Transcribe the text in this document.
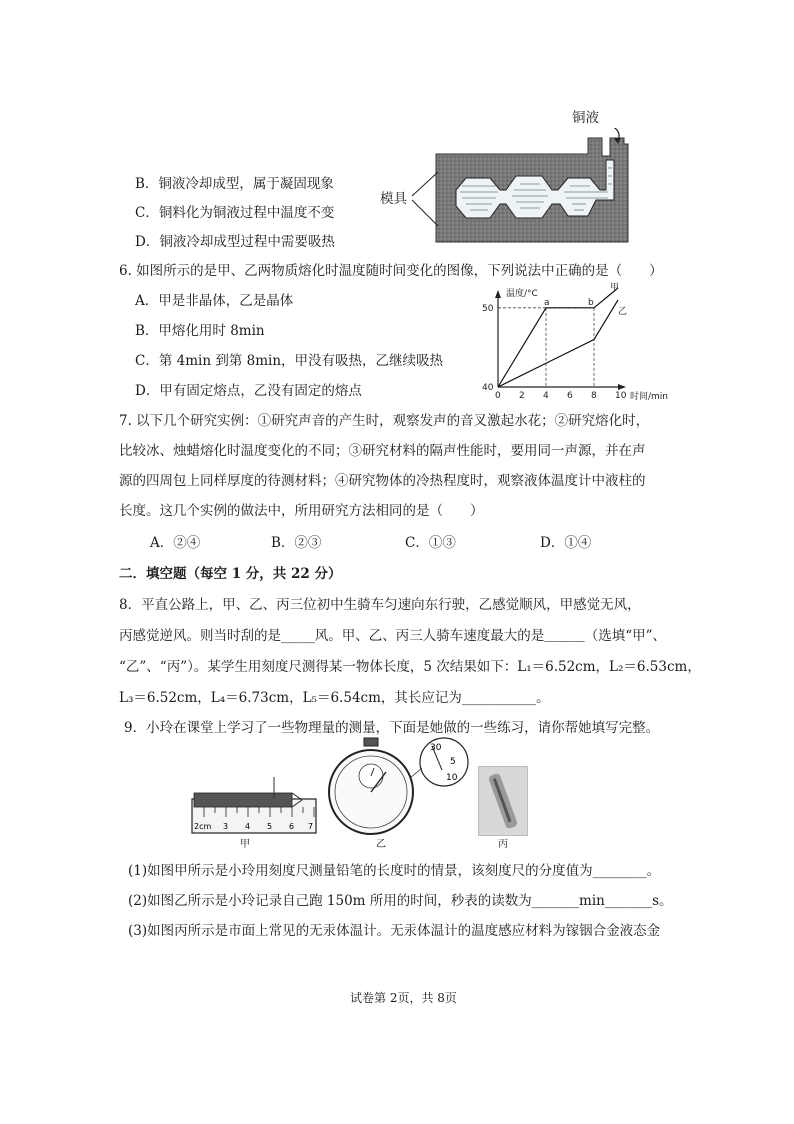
铜液
模具
B．铜液冷却成型，属于凝固现象
C．铜料化为铜液过程中温度不变
D．铜液冷却成型过程中需要吸热
6. 如图所示的是甲、乙两物质熔化时温度随时间变化的图像，下列说法中正确的是（　　）
A．甲是非晶体，乙是晶体
B．甲熔化用时 8min
C．第 4min 到第 8min，甲没有吸热，乙继续吸热
D．甲有固定熔点，乙没有固定的熔点
温度/°C
时间/min
0 2 4 6 8 10
40
50
甲
乙
a	b
7. 以下几个研究实例：①研究声音的产生时，观察发声的音叉激起水花；②研究熔化时，
比较冰、烛蜡熔化时温度变化的不同；③研究材料的隔声性能时，要用同一声源，并在声
源的四周包上同样厚度的待测材料；④研究物体的冷热程度时，观察液体温度计中液柱的
长度。这几个实例的做法中，所用研究方法相同的是（　　）
A．②④	B．②③	C．①③	D．①④
二．填空题（每空 1 分，共 22 分）
8．平直公路上，甲、乙、丙三位初中生骑车匀速向东行驶，乙感觉顺风，甲感觉无风，
丙感觉逆风。则当时刮的是_____风。甲、乙、丙三人骑车速度最大的是＿＿＿（选填“甲”、
“乙”、“丙”）。某学生用刻度尺测得某一物体长度，5 次结果如下：L₁＝6.52cm，L₂＝6.53cm，
L₃＝6.52cm，L₄＝6.73cm，L₅＝6.54cm，其长应记为___________。
9．小玲在课堂上学习了一些物理量的测量，下面是她做的一些练习，请你帮她填写完整。
2cm 3 4 5 6 7
甲
30
5
10
乙	丙
(1)如图甲所示是小玲用刻度尺测量铅笔的长度时的情景，该刻度尺的分度值为________。
(2)如图乙所示是小玲记录自己跑 150m 所用的时间，秒表的读数为_______min_______s。
(3)如图丙所示是市面上常见的无汞体温计。无汞体温计的温度感应材料为镓铟合金液态金
试卷第 2页，共 8页
